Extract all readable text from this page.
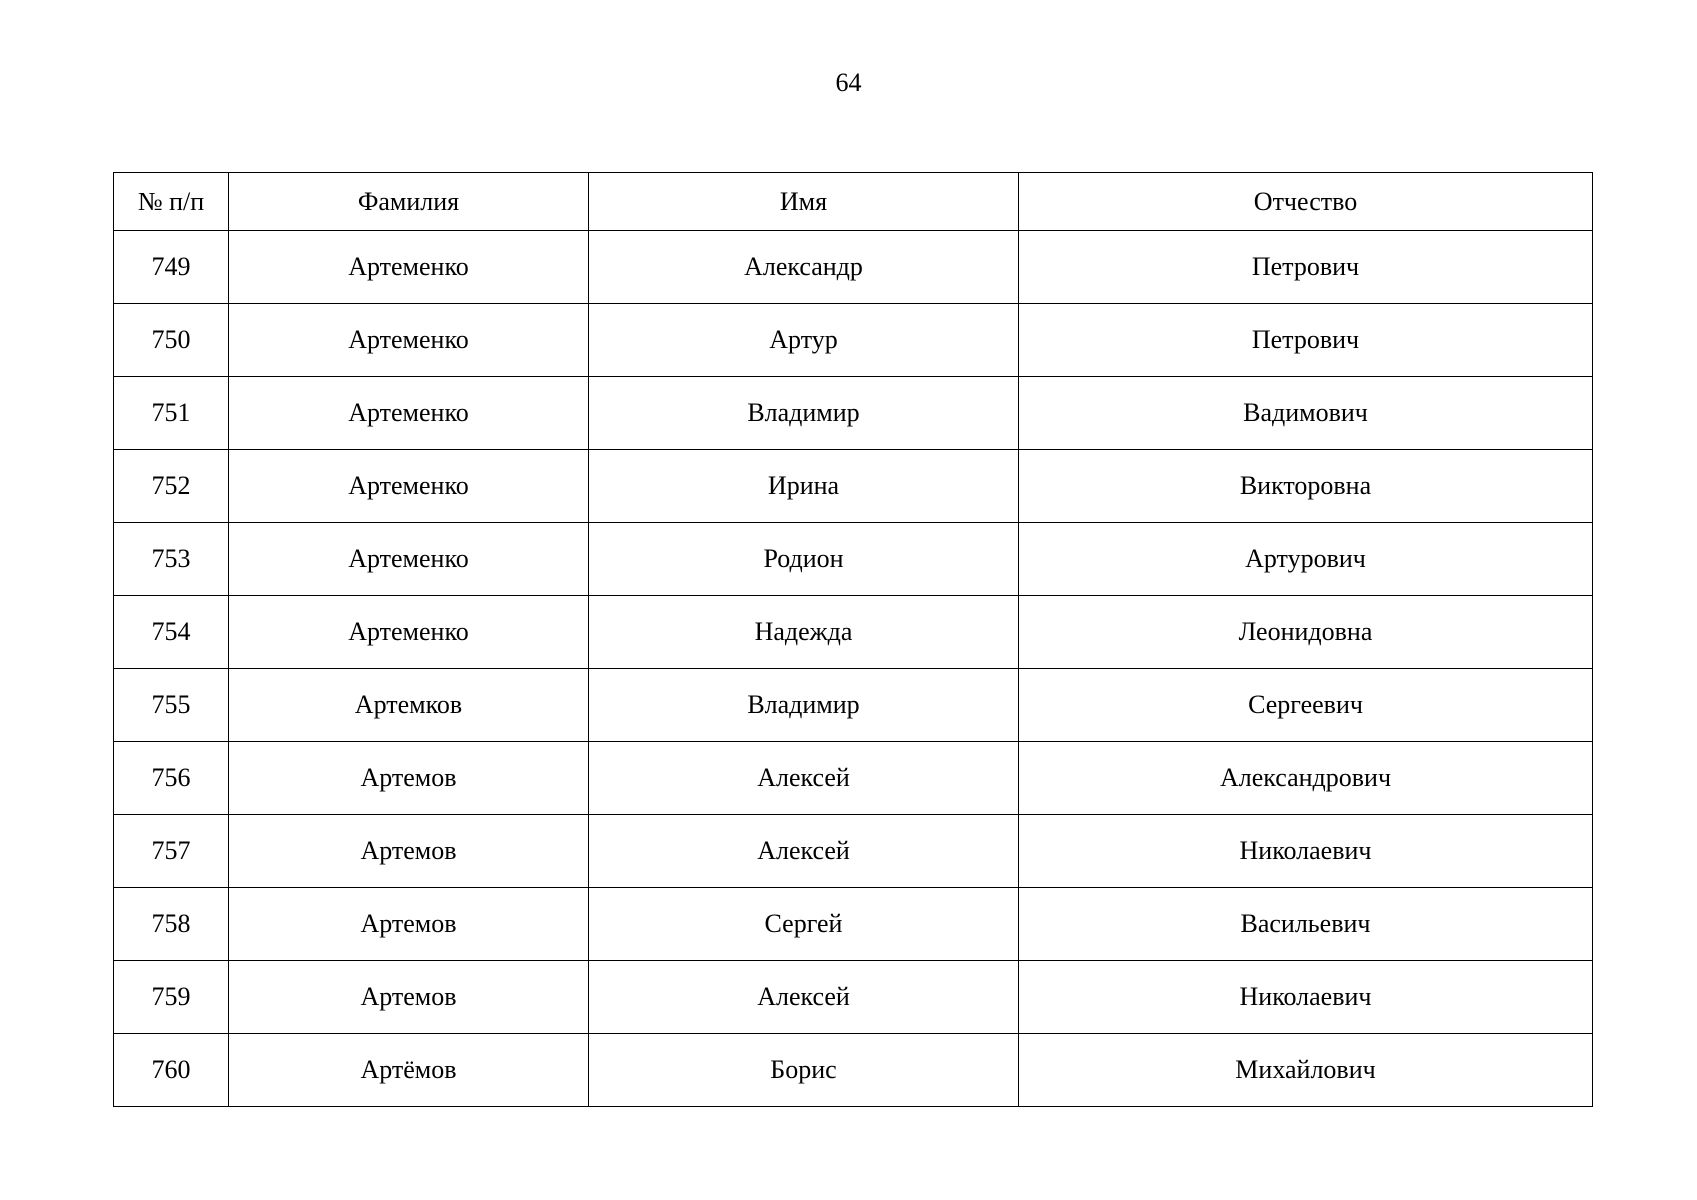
64
№ п/п	Фамилия	Имя	Отчество
749	Артеменко	Александр	Петрович
750	Артеменко	Артур	Петрович
751	Артеменко	Владимир	Вадимович
752	Артеменко	Ирина	Викторовна
753	Артеменко	Родион	Артурович
754	Артеменко	Надежда	Леонидовна
755	Артемков	Владимир	Сергеевич
756	Артемов	Алексей	Александрович
757	Артемов	Алексей	Николаевич
758	Артемов	Сергей	Васильевич
759	Артемов	Алексей	Николаевич
760	Артёмов	Борис	Михайлович
